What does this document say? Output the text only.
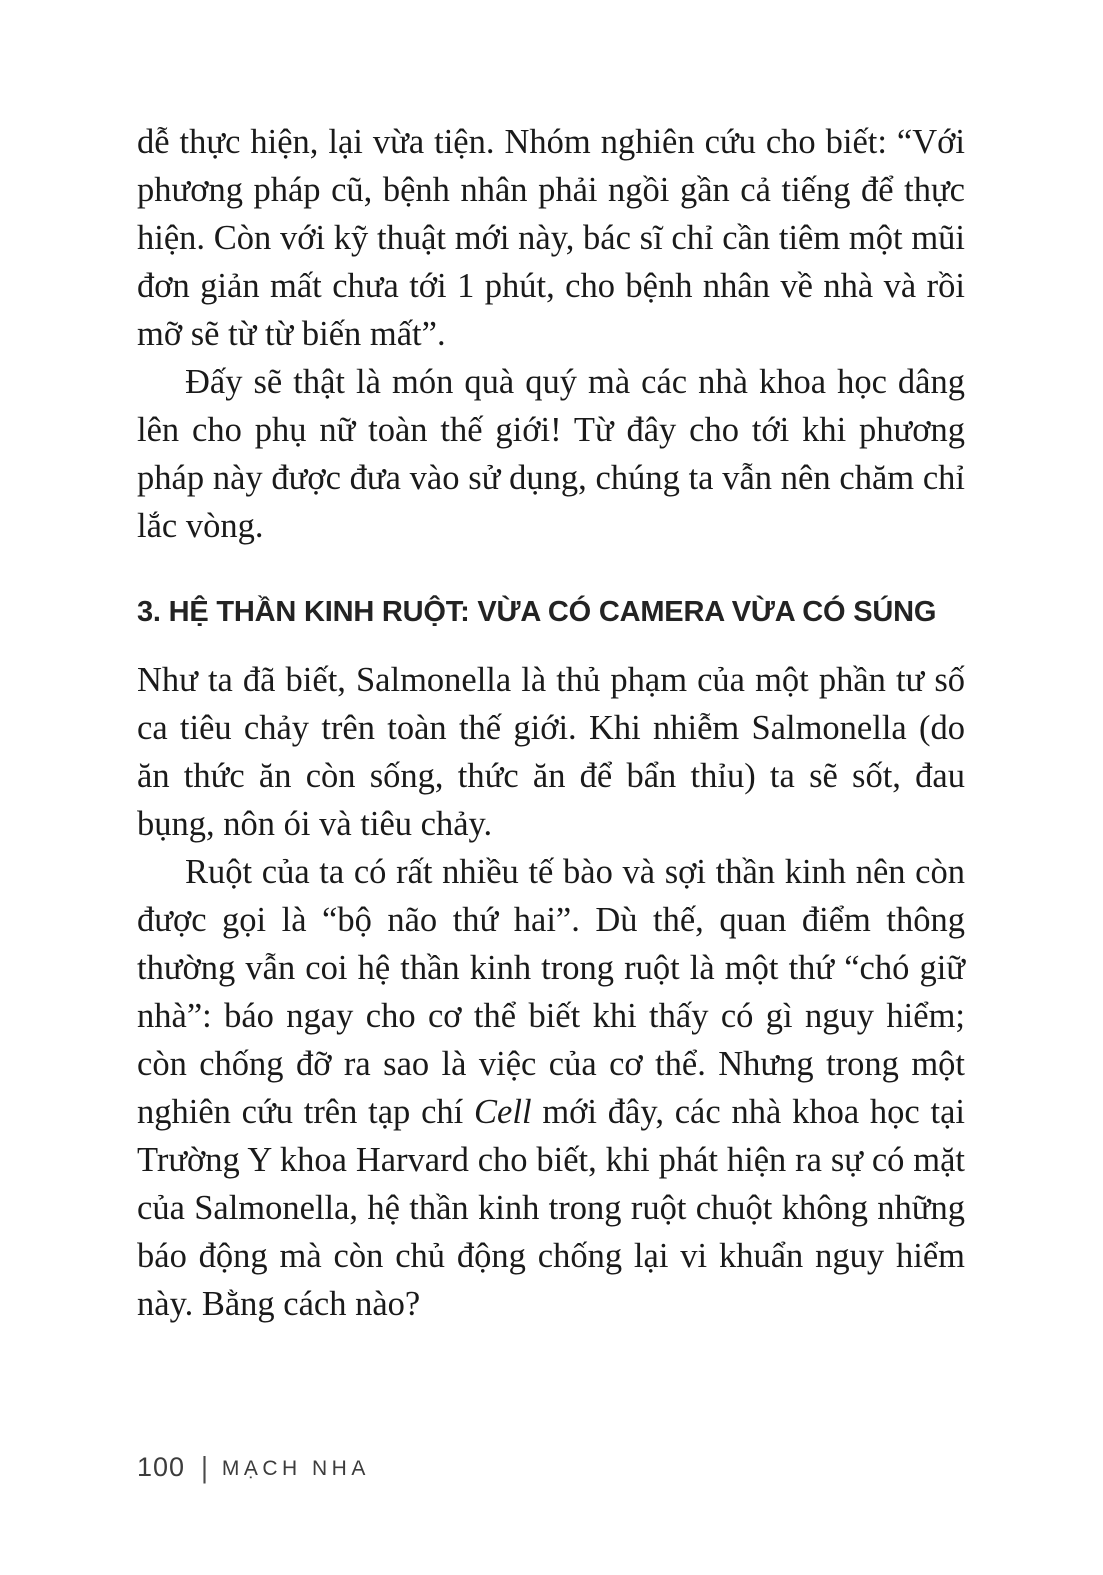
dễ thực hiện, lại vừa tiện. Nhóm nghiên cứu cho biết: “Với phương pháp cũ, bệnh nhân phải ngồi gần cả tiếng để thực hiện. Còn với kỹ thuật mới này, bác sĩ chỉ cần tiêm một mũi đơn giản mất chưa tới 1 phút, cho bệnh nhân về nhà và rồi mỡ sẽ từ từ biến mất”.

Đấy sẽ thật là món quà quý mà các nhà khoa học dâng lên cho phụ nữ toàn thế giới! Từ đây cho tới khi phương pháp này được đưa vào sử dụng, chúng ta vẫn nên chăm chỉ lắc vòng.

3. HỆ THẦN KINH RUỘT: VỪA CÓ CAMERA VỪA CÓ SÚNG

Như ta đã biết, Salmonella là thủ phạm của một phần tư số ca tiêu chảy trên toàn thế giới. Khi nhiễm Salmonella (do ăn thức ăn còn sống, thức ăn để bẩn thỉu) ta sẽ sốt, đau bụng, nôn ói và tiêu chảy.

Ruột của ta có rất nhiều tế bào và sợi thần kinh nên còn được gọi là “bộ não thứ hai”. Dù thế, quan điểm thông thường vẫn coi hệ thần kinh trong ruột là một thứ “chó giữ nhà”: báo ngay cho cơ thể biết khi thấy có gì nguy hiểm; còn chống đỡ ra sao là việc của cơ thể. Nhưng trong một nghiên cứu trên tạp chí Cell mới đây, các nhà khoa học tại Trường Y khoa Harvard cho biết, khi phát hiện ra sự có mặt của Salmonella, hệ thần kinh trong ruột chuột không những báo động mà còn chủ động chống lại vi khuẩn nguy hiểm này. Bằng cách nào?

100 | MẠCH NHA
